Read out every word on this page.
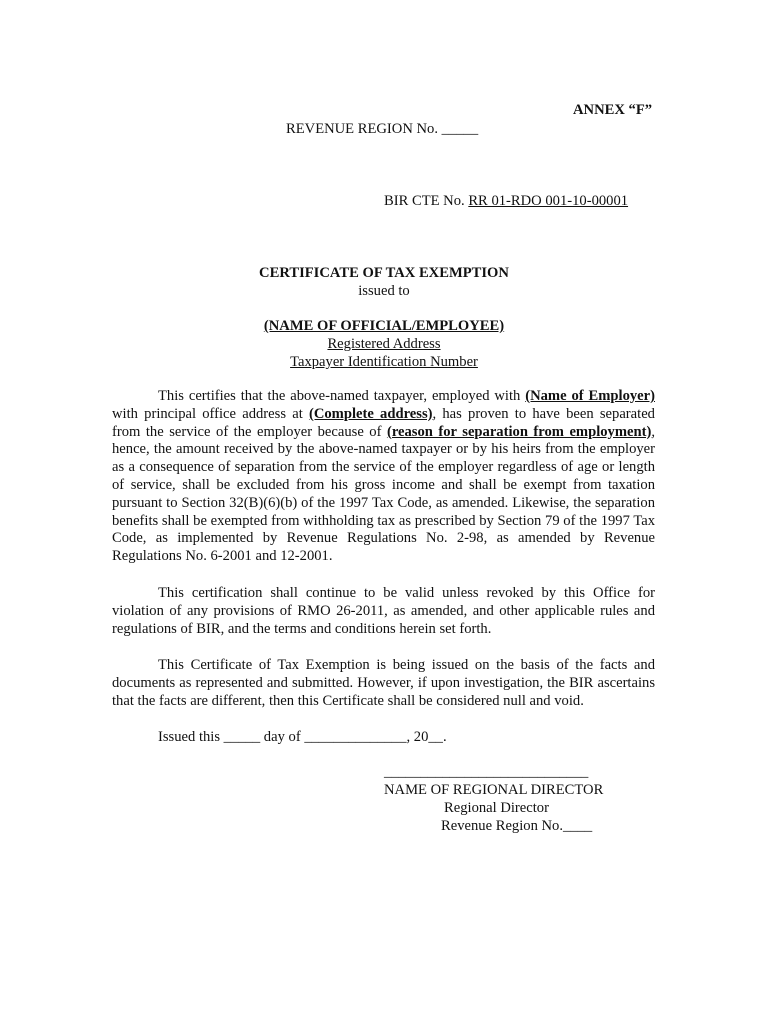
ANNEX “F”
REVENUE REGION No. _____
BIR CTE No. RR 01-RDO 001-10-00001
CERTIFICATE OF TAX EXEMPTION
issued to
(NAME OF OFFICIAL/EMPLOYEE)
Registered Address
Taxpayer Identification Number
This certifies that the above-named taxpayer, employed with (Name of Employer) with principal office address at (Complete address), has proven to have been separated from the service of the employer because of (reason for separation from employment), hence, the amount received by the above-named taxpayer or by his heirs from the employer as a consequence of separation from the service of the employer regardless of age or length of service, shall be excluded from his gross income and shall be exempt from taxation pursuant to Section 32(B)(6)(b) of the 1997 Tax Code, as amended. Likewise, the separation benefits shall be exempted from withholding tax as prescribed by Section 79 of the 1997 Tax Code, as implemented by Revenue Regulations No. 2-98, as amended by Revenue Regulations No. 6-2001 and 12-2001.
This certification shall continue to be valid unless revoked by this Office for violation of any provisions of RMO 26-2011, as amended, and other applicable rules and regulations of BIR, and the terms and conditions herein set forth.
This Certificate of Tax Exemption is being issued on the basis of the facts and documents as represented and submitted. However, if upon investigation, the BIR ascertains that the facts are different, then this Certificate shall be considered null and void.
Issued this _____ day of ______________, 20__.
____________________________
NAME OF REGIONAL DIRECTOR
Regional Director
Revenue Region No.____
